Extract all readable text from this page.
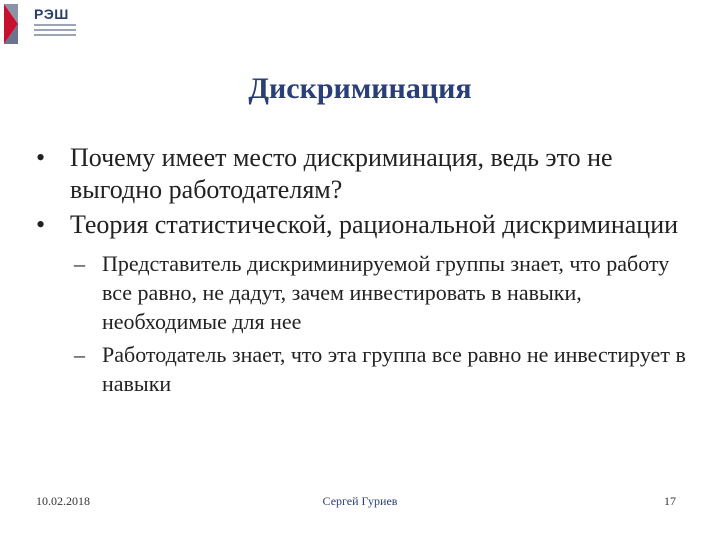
РЭШ
Дискриминация
• Почему имеет место дискриминация, ведь это не выгодно работодателям?
• Теория статистической, рациональной дискриминации
– Представитель дискриминируемой группы знает, что работу все равно, не дадут, зачем инвестировать в навыки, необходимые для нее
– Работодатель знает, что эта группа все равно не инвестирует в навыки
10.02.2018	Сергей Гуриев	17
